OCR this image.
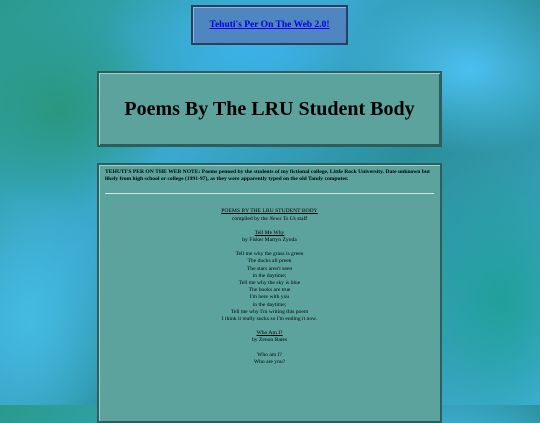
Tehuti's Per On The Web 2.0!
Poems By The LRU Student Body

TEHUTI'S PER ON THE WEB NOTE: Poems penned by the students of my fictional college, Little Rock University. Date unknown but likely from high school or college (1991-97), as they were apparently typed on the old Tandy computer.

POEMS BY THE LRU STUDENT BODY

compiled by the News To Us staff

Tell Me Why

by Fisker Martyn Zynda

Tell me why the grass is green

The ducks all preen

The stars aren't seen

in the daytime;

Tell me why the sky is blue

The books are true

I'm here with you

in the daytime;

Tell me why I'm writing this poem

I think it really sucks so I'm ending it now.

Who Am I?

by Zenon Bates

Who am I?

Who are you?
